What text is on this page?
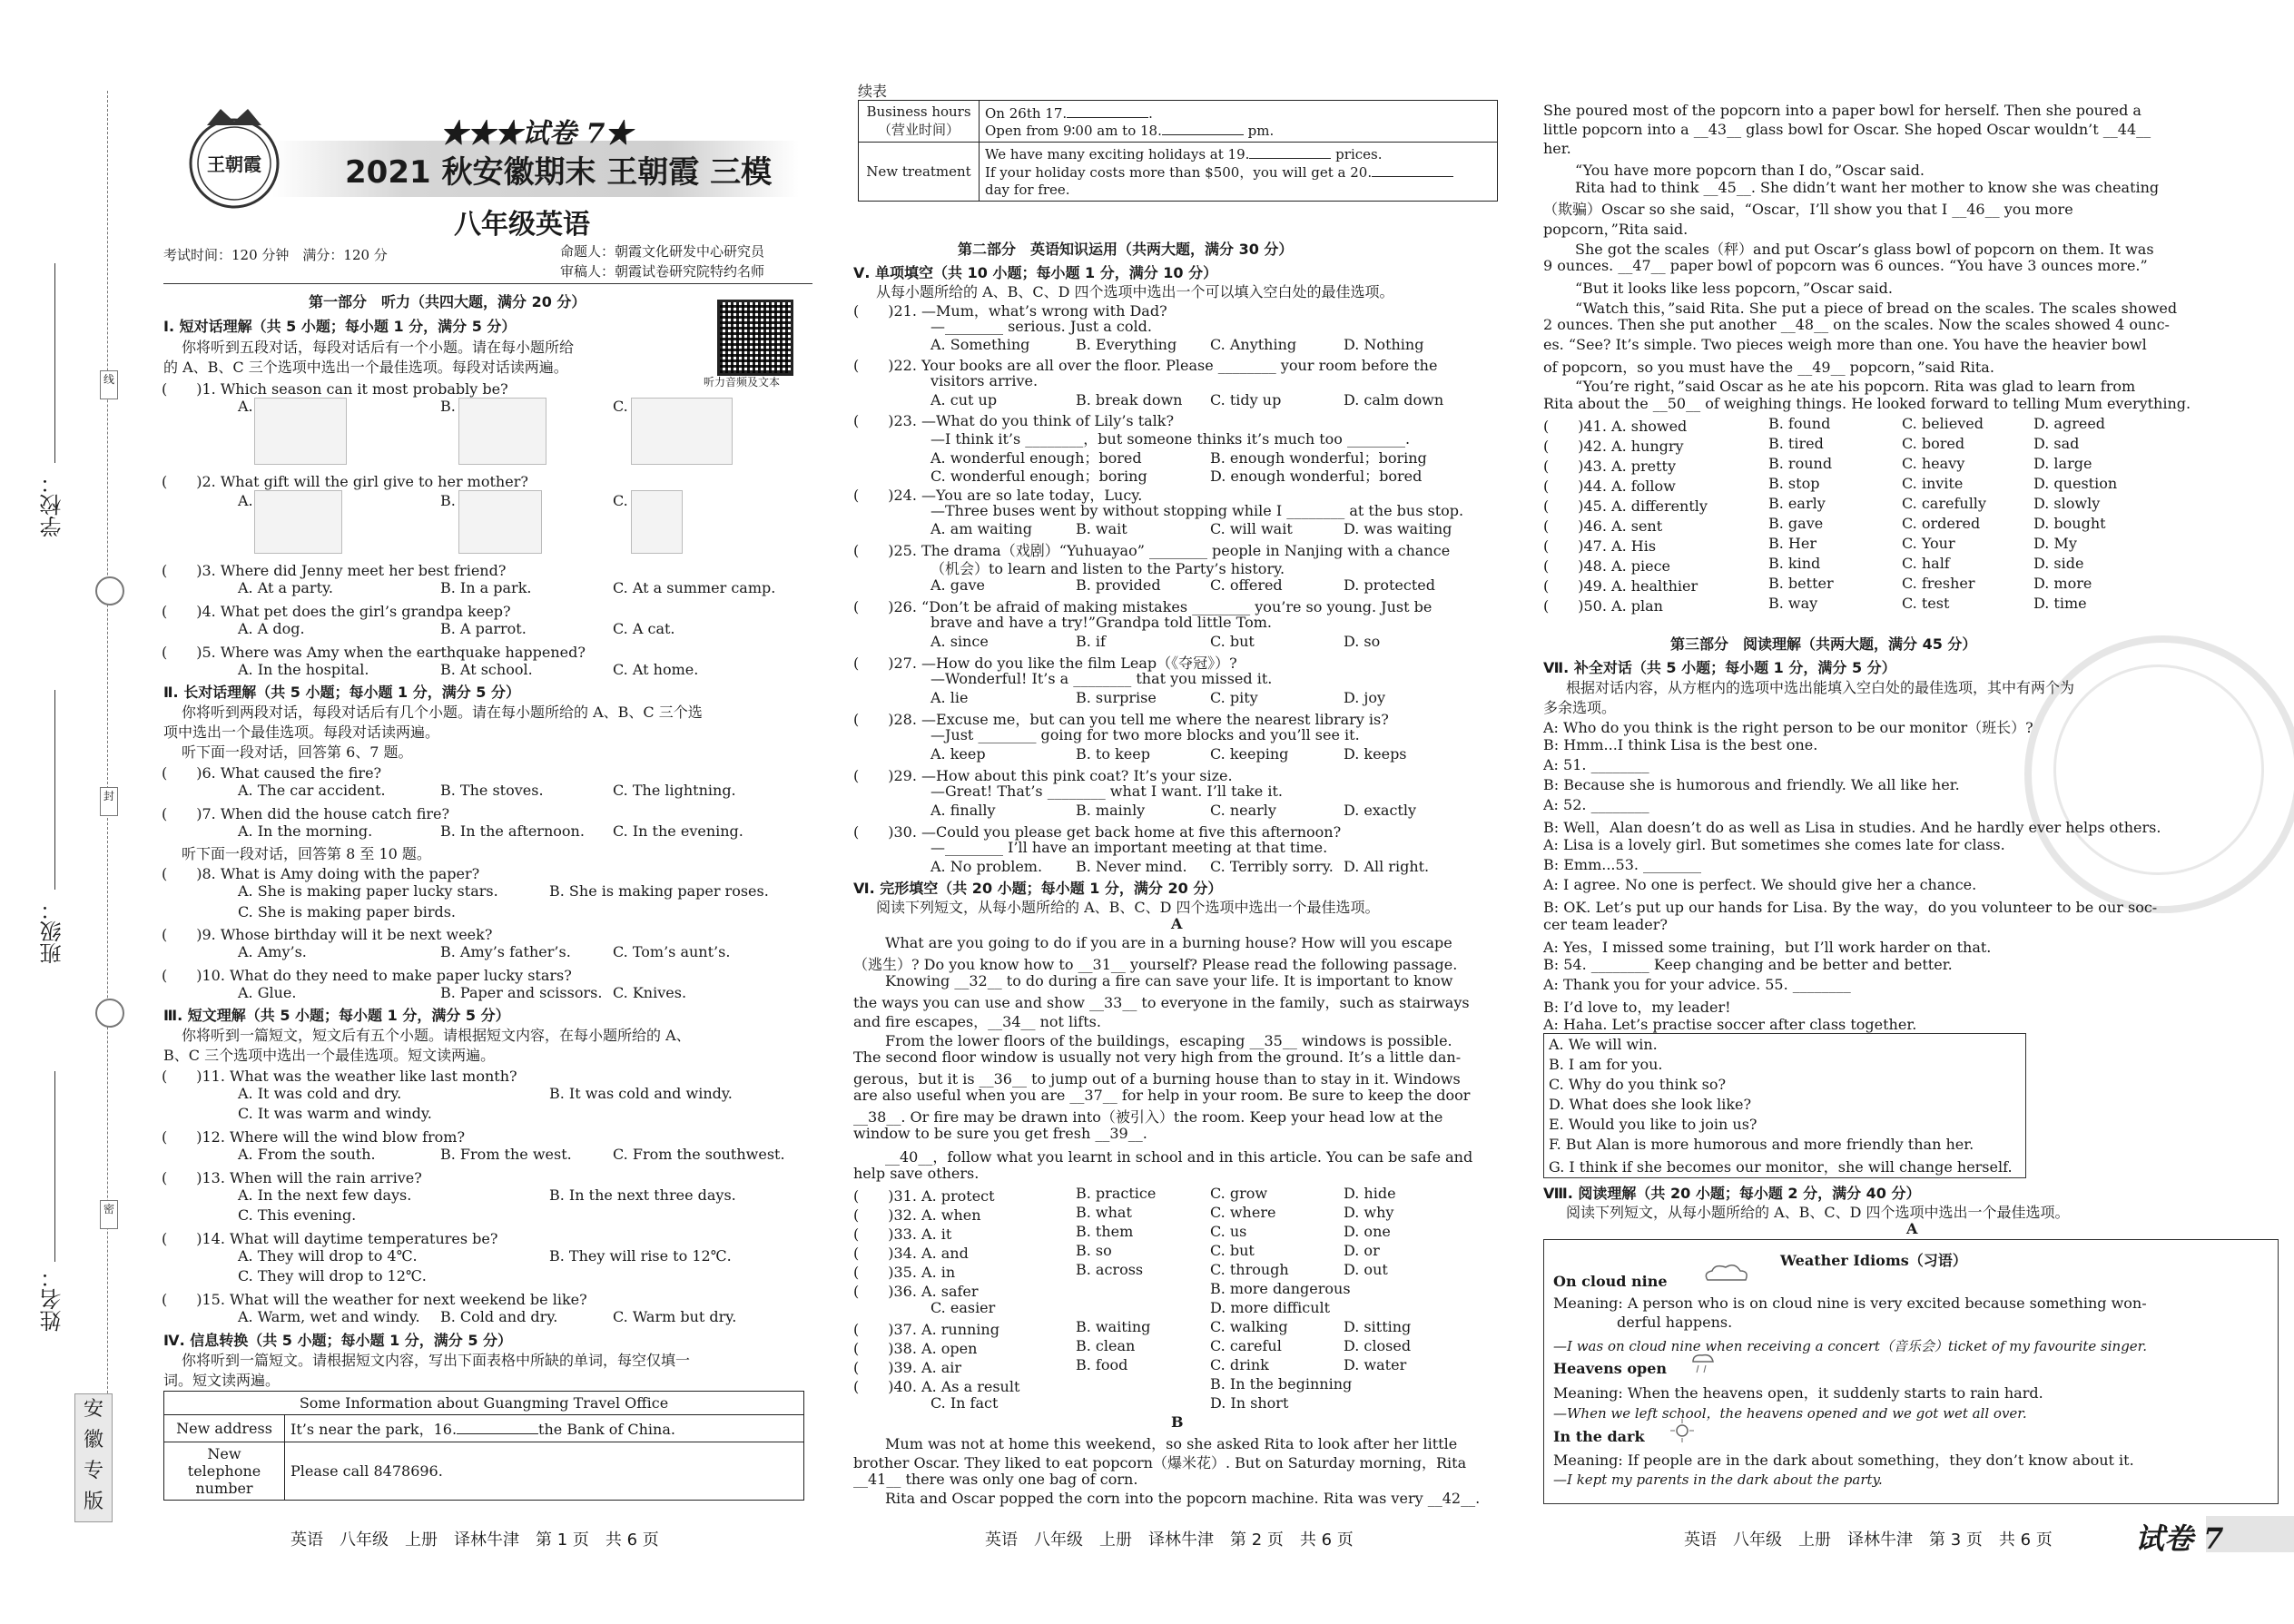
学校：
班级：
姓名：
线
封
密
安
徽
专
版
王朝霞
★★★试卷 7★
2021 秋安徽期末 王朝霞 三模
八年级英语
考试时间：120 分钟　满分：120 分	命题人：朝霞文化研发中心研究员
审稿人：朝霞试卷研究院特约名师
第一部分　听力（共四大题，满分 20 分）
听力音频及文本
Ⅰ. 短对话理解（共 5 小题；每小题 1 分，满分 5 分）
你将听到五段对话，每段对话后有一个小题。请在每小题所给
的 A、B、C 三个选项中选出一个最佳选项。每段对话读两遍。
(　　)1. Which season can it most probably be?
A.	B.	C.
(　　)2. What gift will the girl give to her mother?
A.	B.	C.
(　　)3. Where did Jenny meet her best friend?
A. At a party.	B. In a park.	C. At a summer camp.
(　　)4. What pet does the girl’s grandpa keep?
A. A dog.	B. A parrot.	C. A cat.
(　　)5. Where was Amy when the earthquake happened?
A. In the hospital.	B. At school.	C. At home.
Ⅱ. 长对话理解（共 5 小题；每小题 1 分，满分 5 分）
你将听到两段对话，每段对话后有几个小题。请在每小题所给的 A、B、C 三个选
项中选出一个最佳选项。每段对话读两遍。
听下面一段对话，回答第 6、7 题。
(　　)6. What caused the fire?
A. The car accident.	B. The stoves.	C. The lightning.
(　　)7. When did the house catch fire?
A. In the morning.	B. In the afternoon. C. In the evening.
听下面一段对话，回答第 8 至 10 题。
(　　)8. What is Amy doing with the paper?
A. She is making paper lucky stars.	B. She is making paper roses.
C. She is making paper birds.
(　　)9. Whose birthday will it be next week?
A. Amy’s.	B. Amy’s father’s.	C. Tom’s aunt’s.
(　　)10. What do they need to make paper lucky stars?
A. Glue.	B. Paper and scissors. C. Knives.
Ⅲ. 短文理解（共 5 小题；每小题 1 分，满分 5 分）
你将听到一篇短文，短文后有五个小题。请根据短文内容，在每小题所给的 A、
B、C 三个选项中选出一个最佳选项。短文读两遍。
(　　)11. What was the weather like last month?
A. It was cold and dry.	B. It was cold and windy.
C. It was warm and windy.
(　　)12. Where will the wind blow from?
A. From the south.	B. From the west.	C. From the southwest.
(　　)13. When will the rain arrive?
A. In the next few days.	B. In the next three days.
C. This evening.
(　　)14. What will daytime temperatures be?
A. They will drop to 4℃.	B. They will rise to 12℃.
C. They will drop to 12℃.
(　　)15. What will the weather for next weekend be like?
A. Warm, wet and windy. B. Cold and dry.	C. Warm but dry.
Ⅳ. 信息转换（共 5 小题；每小题 1 分，满分 5 分）
你将听到一篇短文。请根据短文内容，写出下面表格中所缺的单词，每空仅填一
词。短文读两遍。
Some Information about Guangming Travel Office	
New address	It’s near the park，16. the Bank of China.
New telephone number	Please call 8478696.
英语　八年级　上册　译林牛津　第 1 页　共 6 页
续表
Business hours（营业时间）	On 26th 17. .
Open from 9∶00 am to 18. pm.

New treatment	We have many exciting holidays at 19. prices.
If your holiday costs more than $500，you will get a 20.
day for free.
第二部分　英语知识运用（共两大题，满分 30 分）
Ⅴ. 单项填空（共 10 小题；每小题 1 分，满分 10 分）
从每小题所给的 A、B、C、D 四个选项中选出一个可以填入空白处的最佳选项。
(　　)21. —Mum，what’s wrong with Dad?
—________ serious. Just a cold.
A. Something	B. Everything C. Anything	D. Nothing
(　　)22. Your books are all over the floor. Please ________ your room before the
visitors arrive.
A. cut up	B. break down C. tidy up	D. calm down
(　　)23. —What do you think of Lily’s talk?
—I think it’s ________，but someone thinks it’s much too ________.
A. wonderful enough；bored	B. enough wonderful；boring
C. wonderful enough；boring	D. enough wonderful；bored
(　　)24. —You are so late today，Lucy.
—Three buses went by without stopping while I ________ at the bus stop.
A. am waiting	B. wait	C. will wait	D. was waiting
(　　)25. The drama（戏剧）“Yuhuayao” ________ people in Nanjing with a chance
（机会）to learn and listen to the Party’s history.
A. gave	B. provided	C. offered	D. protected
(　　)26. “Don’t be afraid of making mistakes ________ you’re so young. Just be
brave and have a try!”Grandpa told little Tom.
A. since	B. if	C. but	D. so
(　　)27. —How do you like the film Leap（《夺冠》）?
—Wonderful! It’s a ________ that you missed it.
A. lie	B. surprise	C. pity	D. joy
(　　)28. —Excuse me，but can you tell me where the nearest library is?
—Just ________ going for two more blocks and you’ll see it.
A. keep	B. to keep	C. keeping	D. keeps
(　　)29. —How about this pink coat? It’s your size.
—Great! That’s ________ what I want. I’ll take it.
A. finally	B. mainly	C. nearly	D. exactly
(　　)30. —Could you please get back home at five this afternoon?
—________ I’ll have an important meeting at that time.
A. No problem. B. Never mind. C. Terribly sorry. D. All right.
Ⅵ. 完形填空（共 20 小题；每小题 1 分，满分 20 分）
阅读下列短文，从每小题所给的 A、B、C、D 四个选项中选出一个最佳选项。
A
What are you going to do if you are in a burning house? How will you escape
（逃生）? Do you know how to __31__ yourself? Please read the following passage.
Knowing __32__ to do during a fire can save your life. It is important to know
the ways you can use and show __33__ to everyone in the family，such as stairways
and fire escapes，__34__ not lifts.
From the lower floors of the buildings，escaping __35__ windows is possible.
The second floor window is usually not very high from the ground. It’s a little dan-
gerous，but it is __36__ to jump out of a burning house than to stay in it. Windows
are also useful when you are __37__ for help in your room. Be sure to keep the door
__38__. Or fire may be drawn into（被引入）the room. Keep your head low at the
window to be sure you get fresh __39__.
__40__，follow what you learnt in school and in this article. You can be safe and
help save others.
(　　)31. A. protect	B. practice	C. grow	D. hide
(　　)32. A. when	B. what	C. where	D. why
(　　)33. A. it	B. them	C. us	D. one
(　　)34. A. and	B. so	C. but	D. or
(　　)35. A. in	B. across	C. through	D. out
(　　)36. A. safer	B. more dangerous
C. easier	D. more difficult
(　　)37. A. running	B. waiting	C. walking	D. sitting
(　　)38. A. open	B. clean	C. careful	D. closed
(　　)39. A. air	B. food	C. drink	D. water
(　　)40. A. As a result	B. In the beginning
C. In fact	D. In short
B
Mum was not at home this weekend，so she asked Rita to look after her little
brother Oscar. They liked to eat popcorn（爆米花）. But on Saturday morning，Rita
__41__ there was only one bag of corn.
Rita and Oscar popped the corn into the popcorn machine. Rita was very __42__.
英语　八年级　上册　译林牛津　第 2 页　共 6 页
She poured most of the popcorn into a paper bowl for herself. Then she poured a
little popcorn into a __43__ glass bowl for Oscar. She hoped Oscar wouldn’t __44__
her.
“You have more popcorn than I do，”Oscar said.
Rita had to think __45__. She didn’t want her mother to know she was cheating
（欺骗）Oscar so she said，“Oscar，I’ll show you that I __46__ you more
popcorn，”Rita said.
She got the scales（秤）and put Oscar’s glass bowl of popcorn on them. It was
9 ounces. __47__ paper bowl of popcorn was 6 ounces. “You have 3 ounces more.”
“But it looks like less popcorn，”Oscar said.
“Watch this，”said Rita. She put a piece of bread on the scales. The scales showed
2 ounces. Then she put another __48__ on the scales. Now the scales showed 4 ounc-
es. “See? It’s simple. Two pieces weigh more than one. You have the heavier bowl
of popcorn，so you must have the __49__ popcorn，”said Rita.
“You’re right，”said Oscar as he ate his popcorn. Rita was glad to learn from
Rita about the __50__ of weighing things. He looked forward to telling Mum everything.
(　　)41. A. showed	B. found	C. believed	D. agreed
(　　)42. A. hungry	B. tired	C. bored	D. sad
(　　)43. A. pretty	B. round	C. heavy	D. large
(　　)44. A. follow	B. stop	C. invite	D. question
(　　)45. A. differently	B. early	C. carefully	D. slowly
(　　)46. A. sent	B. gave	C. ordered	D. bought
(　　)47. A. His	B. Her	C. Your	D. My
(　　)48. A. piece	B. kind	C. half	D. side
(　　)49. A. healthier	B. better	C. fresher	D. more
(　　)50. A. plan	B. way	C. test	D. time
第三部分　阅读理解（共两大题，满分 45 分）
Ⅶ. 补全对话（共 5 小题；每小题 1 分，满分 5 分）
根据对话内容，从方框内的选项中选出能填入空白处的最佳选项，其中有两个为
多余选项。
A: Who do you think is the right person to be our monitor（班长）?
B: Hmm...I think Lisa is the best one.
A: 51. ________
B: Because she is humorous and friendly. We all like her.
A: 52. ________
B: Well，Alan doesn’t do as well as Lisa in studies. And he hardly ever helps others.
A: Lisa is a lovely girl. But sometimes she comes late for class.
B: Emm...53. ________
A: I agree. No one is perfect. We should give her a chance.
B: OK. Let’s put up our hands for Lisa. By the way，do you volunteer to be our soc-
cer team leader?
A: Yes，I missed some training，but I’ll work harder on that.
B: 54. ________ Keep changing and be better and better.
A: Thank you for your advice. 55. ________
B: I’d love to，my leader!
A: Haha. Let’s practise soccer after class together.
A. We will win.
B. I am for you.
C. Why do you think so?
D. What does she look like?
E. Would you like to join us?
F. But Alan is more humorous and more friendly than her.
G. I think if she becomes our monitor，she will change herself.
Ⅷ. 阅读理解（共 20 小题；每小题 2 分，满分 40 分）
阅读下列短文，从每小题所给的 A、B、C、D 四个选项中选出一个最佳选项。
A
Weather Idioms（习语）
On cloud nine
Meaning: A person who is on cloud nine is very excited because something won-
derful happens.
—I was on cloud nine when receiving a concert（音乐会）ticket of my favourite singer.
Heavens open
Meaning: When the heavens open，it suddenly starts to rain hard.
—When we left school，the heavens opened and we got wet all over.
In the dark
Meaning: If people are in the dark about something，they don’t know about it.
—I kept my parents in the dark about the party.
英语　八年级　上册　译林牛津　第 3 页　共 6 页	试卷 7
